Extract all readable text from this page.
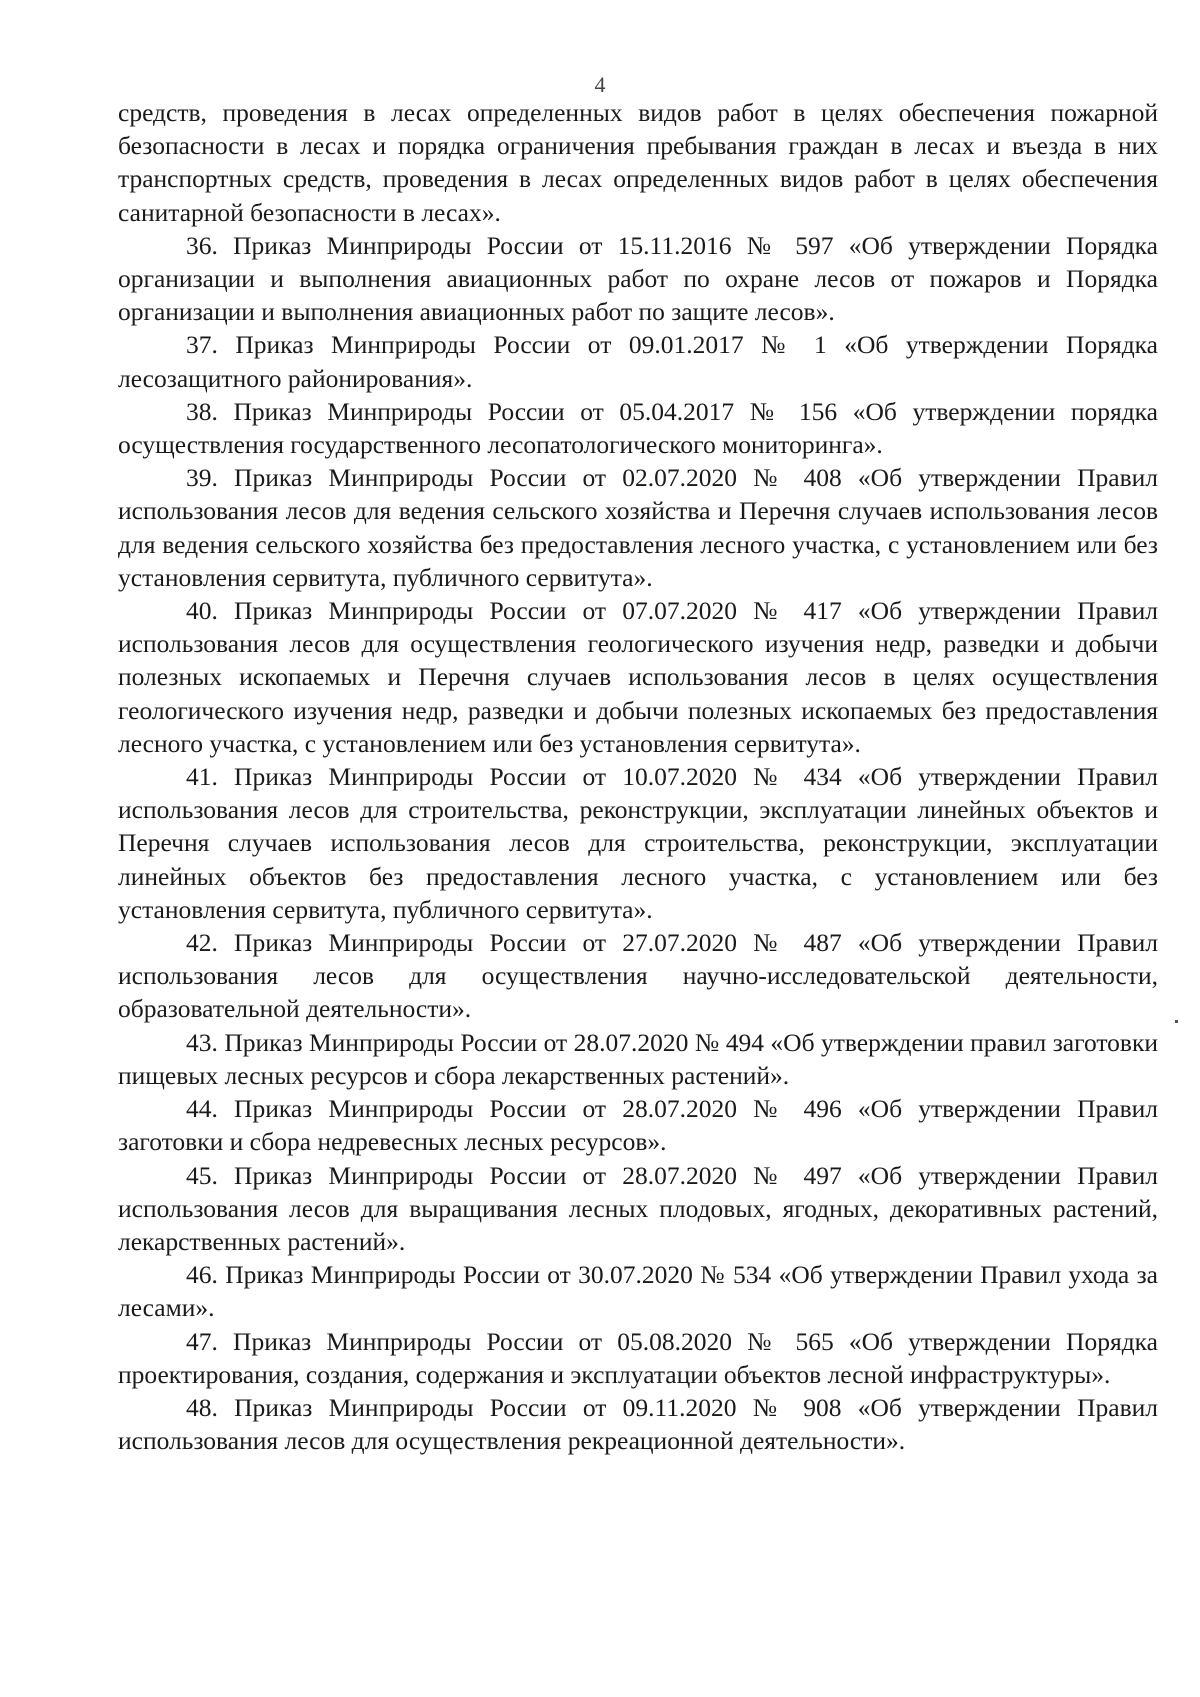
4

средств, проведения в лесах определенных видов работ в целях обеспечения пожарной безопасности в лесах и порядка ограничения пребывания граждан в лесах и въезда в них транспортных средств, проведения в лесах определенных видов работ в целях обеспечения санитарной безопасности в лесах».

36. Приказ Минприроды России от 15.11.2016 № 597 «Об утверждении Порядка организации и выполнения авиационных работ по охране лесов от пожаров и Порядка организации и выполнения авиационных работ по защите лесов».

37. Приказ Минприроды России от 09.01.2017 № 1 «Об утверждении Порядка лесозащитного районирования».

38. Приказ Минприроды России от 05.04.2017 № 156 «Об утверждении порядка осуществления государственного лесопатологического мониторинга».

39. Приказ Минприроды России от 02.07.2020 № 408 «Об утверждении Правил использования лесов для ведения сельского хозяйства и Перечня случаев использования лесов для ведения сельского хозяйства без предоставления лесного участка, с установлением или без установления сервитута, публичного сервитута».

40. Приказ Минприроды России от 07.07.2020 № 417 «Об утверждении Правил использования лесов для осуществления геологического изучения недр, разведки и добычи полезных ископаемых и Перечня случаев использования лесов в целях осуществления геологического изучения недр, разведки и добычи полезных ископаемых без предоставления лесного участка, с установлением или без установления сервитута».

41. Приказ Минприроды России от 10.07.2020 № 434 «Об утверждении Правил использования лесов для строительства, реконструкции, эксплуатации линейных объектов и Перечня случаев использования лесов для строительства, реконструкции, эксплуатации линейных объектов без предоставления лесного участка, с установлением или без установления сервитута, публичного сервитута».

42. Приказ Минприроды России от 27.07.2020 № 487 «Об утверждении Правил использования лесов для осуществления научно-исследовательской деятельности, образовательной деятельности».

43. Приказ Минприроды России от 28.07.2020 № 494 «Об утверждении правил заготовки пищевых лесных ресурсов и сбора лекарственных растений».

44. Приказ Минприроды России от 28.07.2020 № 496 «Об утверждении Правил заготовки и сбора недревесных лесных ресурсов».

45. Приказ Минприроды России от 28.07.2020 № 497 «Об утверждении Правил использования лесов для выращивания лесных плодовых, ягодных, декоративных растений, лекарственных растений».

46. Приказ Минприроды России от 30.07.2020 № 534 «Об утверждении Правил ухода за лесами».

47. Приказ Минприроды России от 05.08.2020 № 565 «Об утверждении Порядка проектирования, создания, содержания и эксплуатации объектов лесной инфраструктуры».

48. Приказ Минприроды России от 09.11.2020 № 908 «Об утверждении Правил использования лесов для осуществления рекреационной деятельности».
